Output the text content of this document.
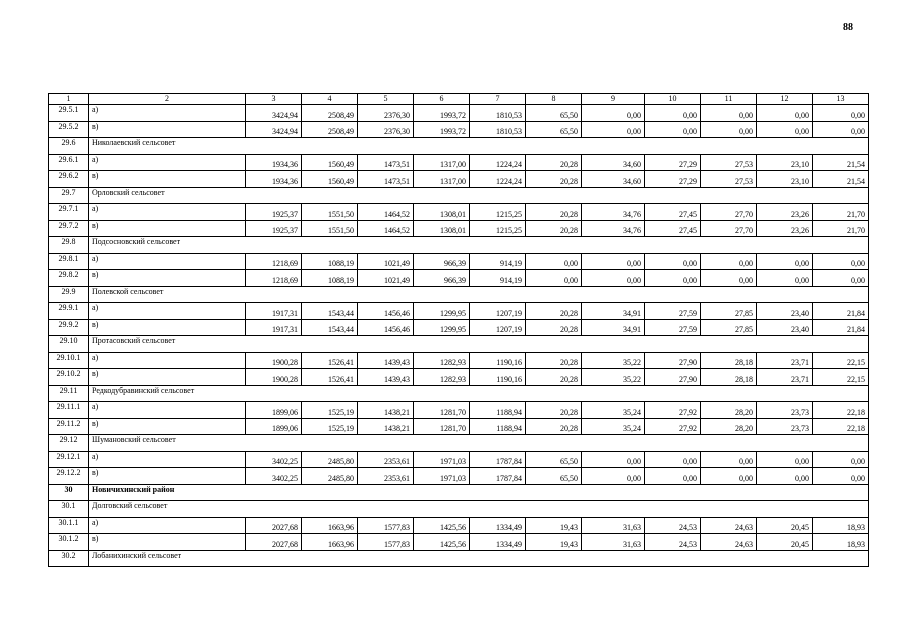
88
1	2	3	4	5	6	7	8	9	10	11	12	13
29.5.1	а)	3424,94	2508,49	2376,30	1993,72	1810,53	65,50	0,00	0,00	0,00	0,00	0,00
29.5.2	в)	3424,94	2508,49	2376,30	1993,72	1810,53	65,50	0,00	0,00	0,00	0,00	0,00
29.6	Николаевский сельсовет											
29.6.1	а)	1934,36	1560,49	1473,51	1317,00	1224,24	20,28	34,60	27,29	27,53	23,10	21,54
29.6.2	в)	1934,36	1560,49	1473,51	1317,00	1224,24	20,28	34,60	27,29	27,53	23,10	21,54
29.7	Орловский сельсовет											
29.7.1	а)	1925,37	1551,50	1464,52	1308,01	1215,25	20,28	34,76	27,45	27,70	23,26	21,70
29.7.2	в)	1925,37	1551,50	1464,52	1308,01	1215,25	20,28	34,76	27,45	27,70	23,26	21,70
29.8	Подсосновский сельсовет											
29.8.1	а)	1218,69	1088,19	1021,49	966,39	914,19	0,00	0,00	0,00	0,00	0,00	0,00
29.8.2	в)	1218,69	1088,19	1021,49	966,39	914,19	0,00	0,00	0,00	0,00	0,00	0,00
29.9	Полевской сельсовет											
29.9.1	а)	1917,31	1543,44	1456,46	1299,95	1207,19	20,28	34,91	27,59	27,85	23,40	21,84
29.9.2	в)	1917,31	1543,44	1456,46	1299,95	1207,19	20,28	34,91	27,59	27,85	23,40	21,84
29.10	Протасовский сельсовет											
29.10.1	а)	1900,28	1526,41	1439,43	1282,93	1190,16	20,28	35,22	27,90	28,18	23,71	22,15
29.10.2	в)	1900,28	1526,41	1439,43	1282,93	1190,16	20,28	35,22	27,90	28,18	23,71	22,15
29.11	Редкодубравинский сельсовет											
29.11.1	а)	1899,06	1525,19	1438,21	1281,70	1188,94	20,28	35,24	27,92	28,20	23,73	22,18
29.11.2	в)	1899,06	1525,19	1438,21	1281,70	1188,94	20,28	35,24	27,92	28,20	23,73	22,18
29.12	Шумановский сельсовет											
29.12.1	а)	3402,25	2485,80	2353,61	1971,03	1787,84	65,50	0,00	0,00	0,00	0,00	0,00
29.12.2	в)	3402,25	2485,80	2353,61	1971,03	1787,84	65,50	0,00	0,00	0,00	0,00	0,00
30	Новичихинский район											
30.1	Долговский сельсовет											
30.1.1	а)	2027,68	1663,96	1577,83	1425,56	1334,49	19,43	31,63	24,53	24,63	20,45	18,93
30.1.2	в)	2027,68	1663,96	1577,83	1425,56	1334,49	19,43	31,63	24,53	24,63	20,45	18,93
30.2	Лобанихинский сельсовет											
